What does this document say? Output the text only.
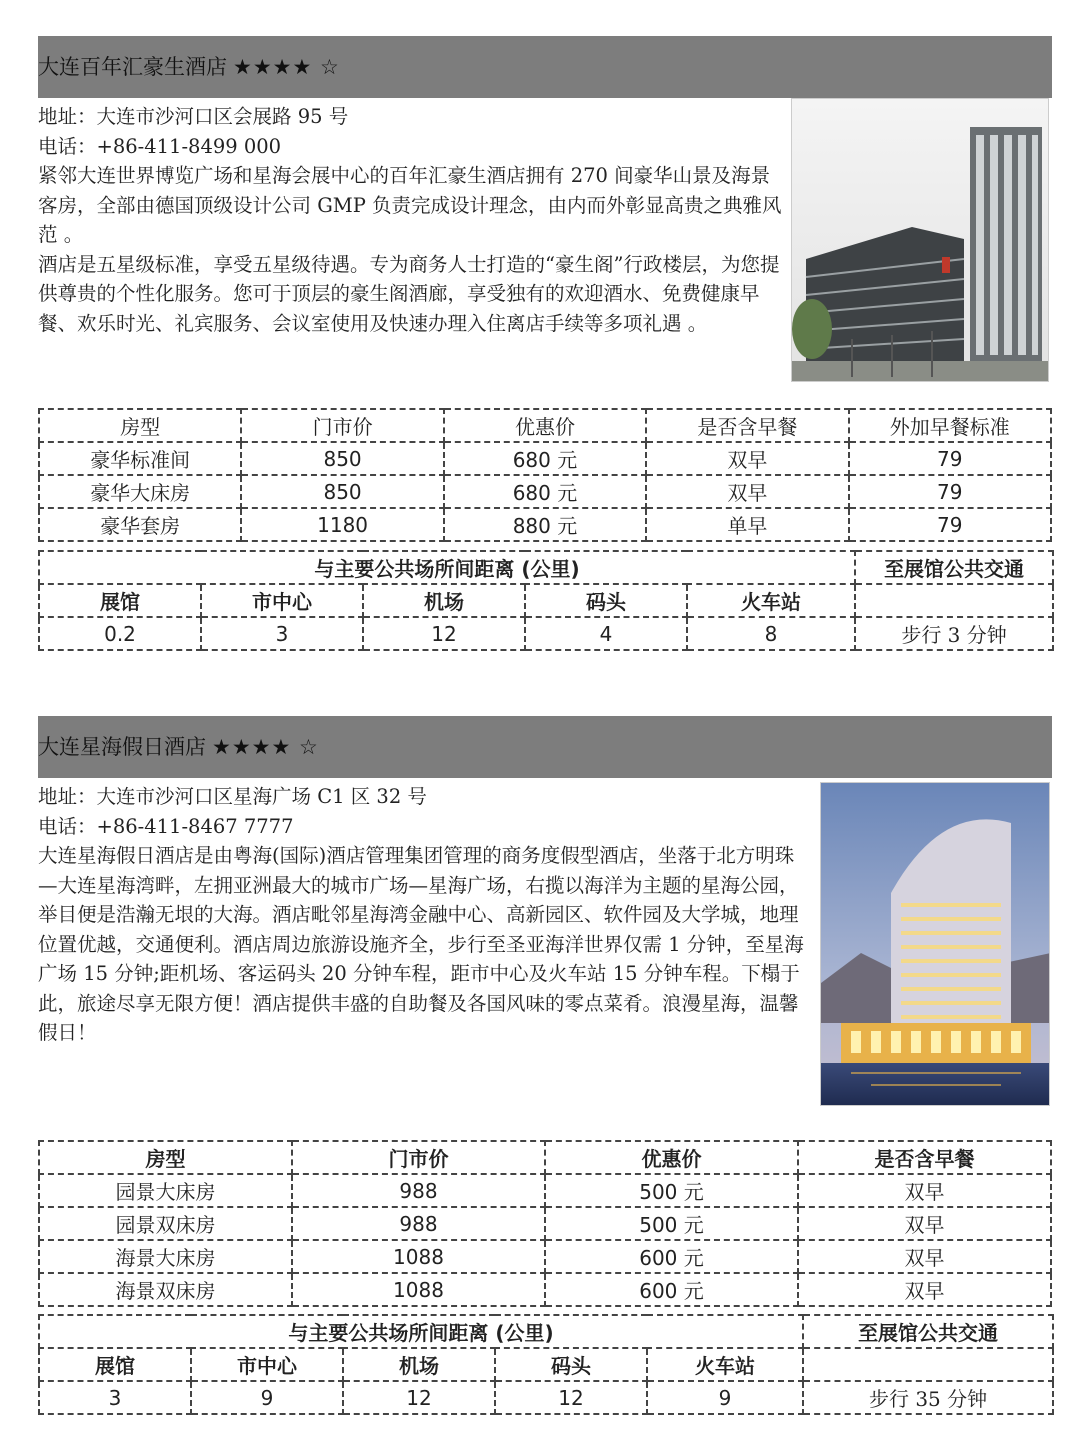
大连百年汇豪生酒店 ★★★★ ☆

地址：大连市沙河口区会展路 95 号

电话：+86-411-8499 000

紧邻大连世界博览广场和星海会展中心的百年汇豪生酒店拥有 270 间豪华山景及海景客房，全部由德国顶级设计公司 GMP 负责完成设计理念，由内而外彰显高贵之典雅风范 。

酒店是五星级标准，享受五星级待遇。专为商务人士打造的“豪生阁”行政楼层，为您提供尊贵的个性化服务。您可于顶层的豪生阁酒廊，享受独有的欢迎酒水、免费健康早餐、欢乐时光、礼宾服务、会议室使用及快速办理入住离店手续等多项礼遇 。

房型	门市价	优惠价	是否含早餐	外加早餐标准
豪华标准间	850	680 元	双早	79
豪华大床房	850	680 元	双早	79
豪华套房	1180	880 元	单早	79
与主要公共场所间距离 (公里)					至展馆公共交通
展馆	市中心	机场	码头	火车站	
0.2	3	12	4	8	步行 3 分钟
大连星海假日酒店 ★★★★ ☆

地址：大连市沙河口区星海广场 C1 区 32 号

电话：+86-411-8467 7777

大连星海假日酒店是由粤海(国际)酒店管理集团管理的商务度假型酒店，坐落于北方明珠—大连星海湾畔，左拥亚洲最大的城市广场—星海广场，右揽以海洋为主题的星海公园，举目便是浩瀚无垠的大海。酒店毗邻星海湾金融中心、高新园区、软件园及大学城，地理位置优越，交通便利。酒店周边旅游设施齐全，步行至圣亚海洋世界仅需 1 分钟，至星海广场 15 分钟;距机场、客运码头 20 分钟车程，距市中心及火车站 15 分钟车程。下榻于此，旅途尽享无限方便！酒店提供丰盛的自助餐及各国风味的零点菜肴。浪漫星海，温馨假日！

房型	门市价	优惠价	是否含早餐
园景大床房	988	500 元	双早
园景双床房	988	500 元	双早
海景大床房	1088	600 元	双早
海景双床房	1088	600 元	双早
与主要公共场所间距离 (公里)					至展馆公共交通
展馆	市中心	机场	码头	火车站	
3	9	12	12	9	步行 35 分钟
